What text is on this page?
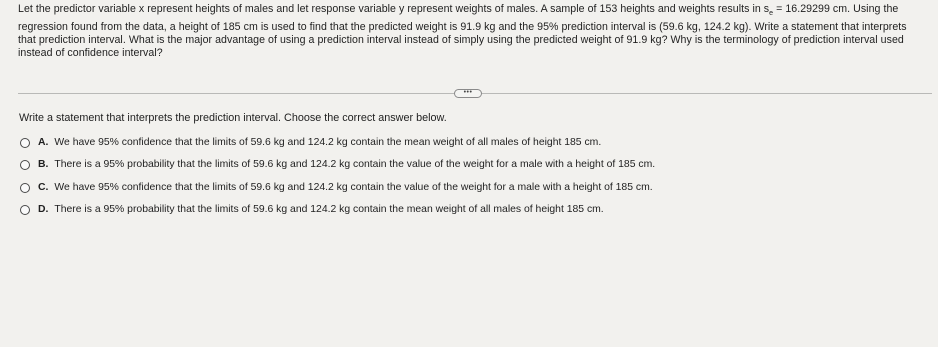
Let the predictor variable x represent heights of males and let response variable y represent weights of males. A sample of 153 heights and weights results in $s_e = 16.29299$ cm. Using the regression found from the data, a height of 185 cm is used to find that the predicted weight is 91.9 kg and the 95% prediction interval is (59.6 kg, 124.2 kg). Write a statement that interprets that prediction interval. What is the major advantage of using a prediction interval instead of simply using the predicted weight of 91.9 kg? Why is the terminology of prediction interval used instead of confidence interval?
•••
Write a statement that interprets the prediction interval. Choose the correct answer below.
A. We have 95% confidence that the limits of 59.6 kg and 124.2 kg contain the mean weight of all males of height 185 cm.
B. There is a 95% probability that the limits of 59.6 kg and 124.2 kg contain the value of the weight for a male with a height of 185 cm.
C. We have 95% confidence that the limits of 59.6 kg and 124.2 kg contain the value of the weight for a male with a height of 185 cm.
D. There is a 95% probability that the limits of 59.6 kg and 124.2 kg contain the mean weight of all males of height 185 cm.
